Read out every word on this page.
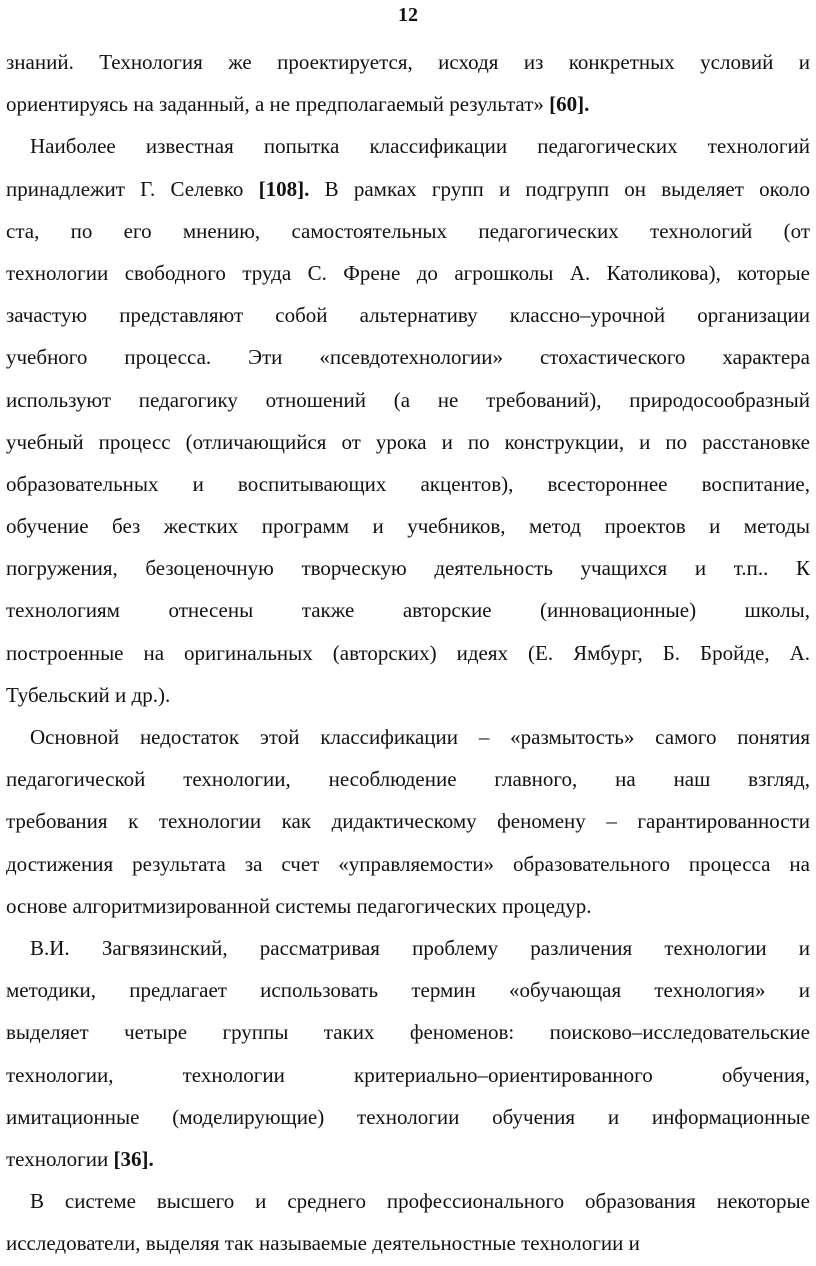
12
знаний. Технология же проектируется, исходя из конкретных условий и
ориентируясь на заданный, а не предполагаемый результат» [60].
Наиболее известная попытка классификации педагогических технологий
принадлежит Г. Селевко [108]. В рамках групп и подгрупп он выделяет около
ста, по его мнению, самостоятельных педагогических технологий (от
технологии свободного труда С. Френе до агрошколы А. Католикова), которые
зачастую представляют собой альтернативу классно–урочной организации
учебного процесса. Эти «псевдотехнологии» стохастического характера
используют педагогику отношений (а не требований), природосообразный
учебный процесс (отличающийся от урока и по конструкции, и по расстановке
образовательных и воспитывающих акцентов), всестороннее воспитание,
обучение без жестких программ и учебников, метод проектов и методы
погружения, безоценочную творческую деятельность учащихся и т.п.. К
технологиям отнесены также авторские (инновационные) школы,
построенные на оригинальных (авторских) идеях (Е. Ямбург, Б. Бройде, А.
Тубельский и др.).
Основной недостаток этой классификации – «размытость» самого понятия
педагогической технологии, несоблюдение главного, на наш взгляд,
требования к технологии как дидактическому феномену – гарантированности
достижения результата за счет «управляемости» образовательного процесса на
основе алгоритмизированной системы педагогических процедур.
В.И. Загвязинский, рассматривая проблему различения технологии и
методики, предлагает использовать термин «обучающая технология» и
выделяет четыре группы таких феноменов: поисково–исследовательские
технологии, технологии критериально–ориентированного обучения,
имитационные (моделирующие) технологии обучения и информационные
технологии [36].
В системе высшего и среднего профессионального образования некоторые
исследователи, выделяя так называемые деятельностные технологии и
